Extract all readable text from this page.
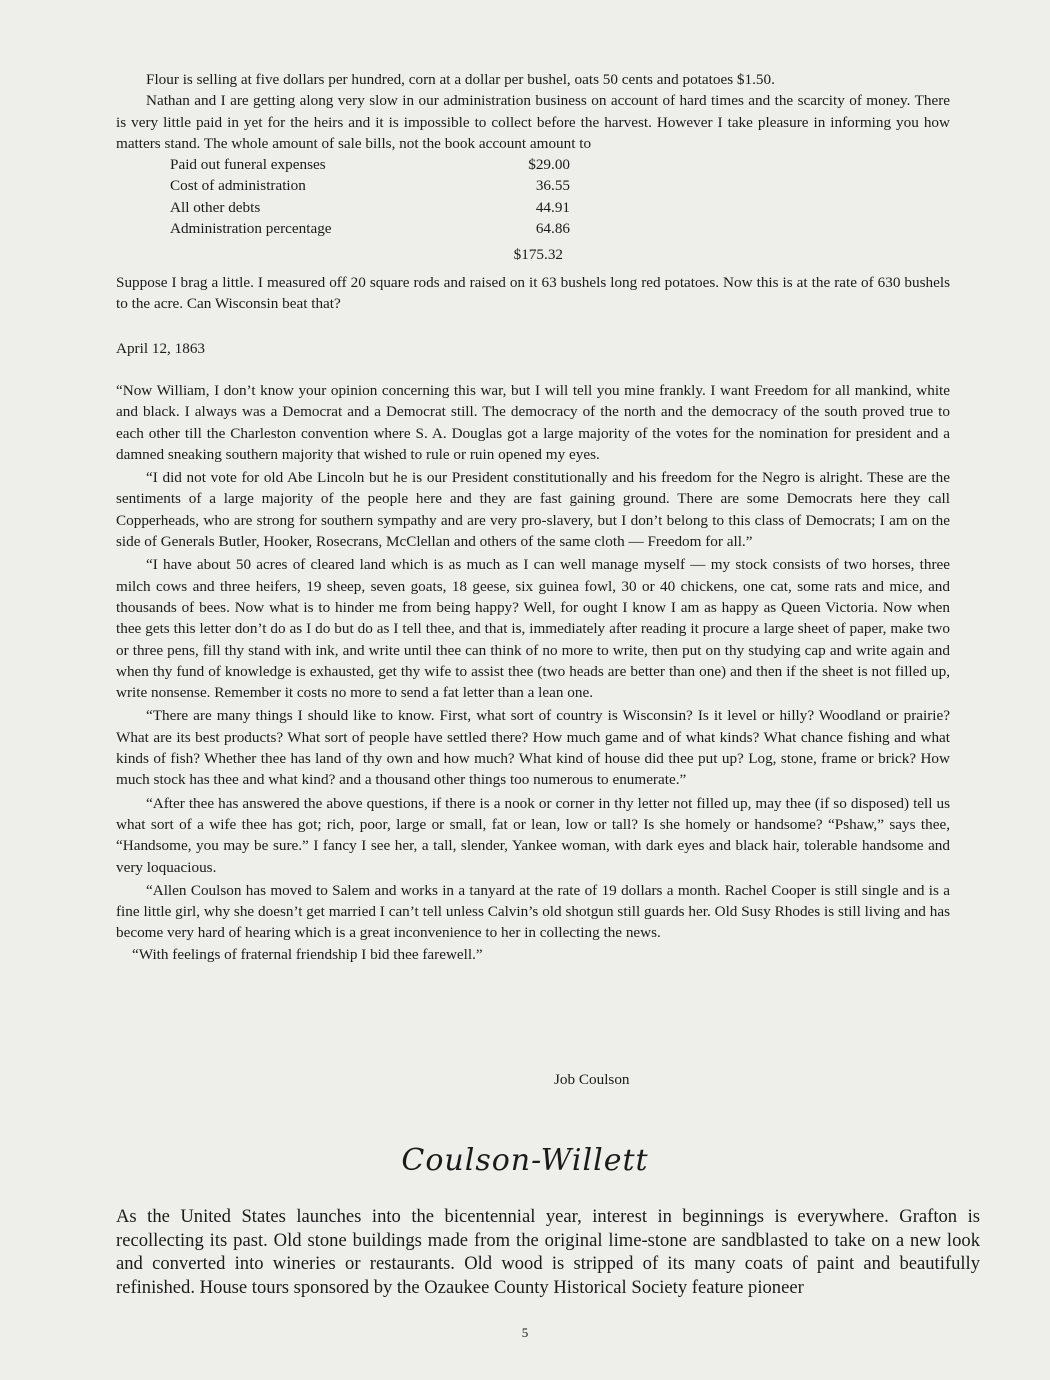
Flour is selling at five dollars per hundred, corn at a dollar per bushel, oats 50 cents and potatoes $1.50.

Nathan and I are getting along very slow in our administration business on account of hard times and the scarcity of money. There is very little paid in yet for the heirs and it is impossible to collect before the harvest. However I take pleasure in informing you how matters stand. The whole amount of sale bills, not the book account amount to

Paid out funeral expenses	$29.00
Cost of administration	36.55
All other debts	44.91
Administration percentage	64.86
$175.32

Suppose I brag a little. I measured off 20 square rods and raised on it 63 bushels long red potatoes. Now this is at the rate of 630 bushels to the acre. Can Wisconsin beat that?

April 12, 1863

“Now William, I don’t know your opinion concerning this war, but I will tell you mine frankly. I want Freedom for all mankind, white and black. I always was a Democrat and a Democrat still. The democracy of the north and the democracy of the south proved true to each other till the Charleston convention where S. A. Douglas got a large majority of the votes for the nomination for president and a damned sneaking southern majority that wished to rule or ruin opened my eyes.

“I did not vote for old Abe Lincoln but he is our President constitutionally and his freedom for the Negro is alright. These are the sentiments of a large majority of the people here and they are fast gaining ground. There are some Democrats here they call Copperheads, who are strong for southern sympathy and are very pro-slavery, but I don’t belong to this class of Democrats; I am on the side of Generals Butler, Hooker, Rosecrans, McClellan and others of the same cloth — Freedom for all.”

“I have about 50 acres of cleared land which is as much as I can well manage myself — my stock consists of two horses, three milch cows and three heifers, 19 sheep, seven goats, 18 geese, six guinea fowl, 30 or 40 chickens, one cat, some rats and mice, and thousands of bees. Now what is to hinder me from being happy? Well, for ought I know I am as happy as Queen Victoria. Now when thee gets this letter don’t do as I do but do as I tell thee, and that is, immediately after reading it procure a large sheet of paper, make two or three pens, fill thy stand with ink, and write until thee can think of no more to write, then put on thy studying cap and write again and when thy fund of knowledge is exhausted, get thy wife to assist thee (two heads are better than one) and then if the sheet is not filled up, write nonsense. Remember it costs no more to send a fat letter than a lean one.

“There are many things I should like to know. First, what sort of country is Wisconsin? Is it level or hilly? Woodland or prairie? What are its best products? What sort of people have settled there? How much game and of what kinds? What chance fishing and what kinds of fish? Whether thee has land of thy own and how much? What kind of house did thee put up? Log, stone, frame or brick? How much stock has thee and what kind? and a thousand other things too numerous to enumerate.”

“After thee has answered the above questions, if there is a nook or corner in thy letter not filled up, may thee (if so disposed) tell us what sort of a wife thee has got; rich, poor, large or small, fat or lean, low or tall? Is she homely or handsome? “Pshaw,” says thee, “Handsome, you may be sure.” I fancy I see her, a tall, slender, Yankee woman, with dark eyes and black hair, tolerable handsome and very loquacious.

“Allen Coulson has moved to Salem and works in a tanyard at the rate of 19 dollars a month. Rachel Cooper is still single and is a fine little girl, why she doesn’t get married I can’t tell unless Calvin’s old shotgun still guards her. Old Susy Rhodes is still living and has become very hard of hearing which is a great inconvenience to her in collecting the news.

“With feelings of fraternal friendship I bid thee farewell.”

Job Coulson
Coulson-Willett

As the United States launches into the bicentennial year, interest in beginnings is everywhere. Grafton is recollecting its past. Old stone buildings made from the original lime-stone are sandblasted to take on a new look and converted into wineries or restaurants. Old wood is stripped of its many coats of paint and beautifully refinished. House tours sponsored by the Ozaukee County Historical Society feature pioneer

5
